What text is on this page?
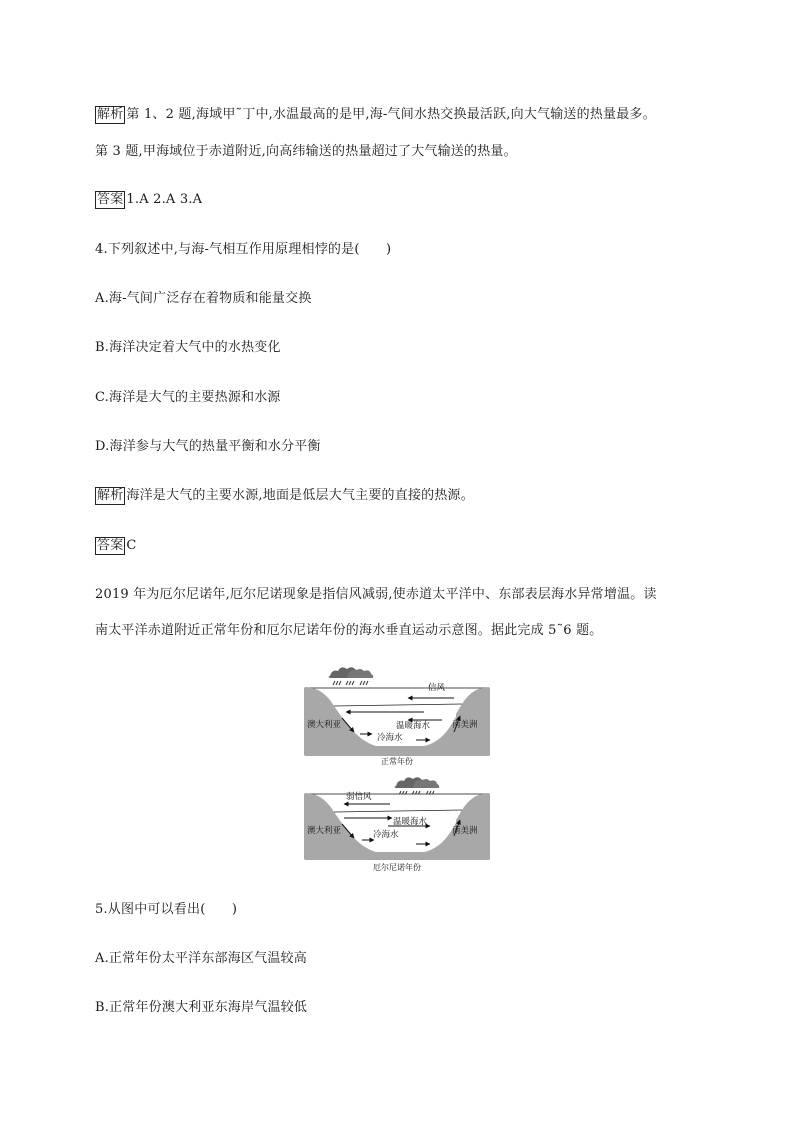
解析 第 1、2 题,海域甲˜丁中,水温最高的是甲,海-气间水热交换最活跃,向大气输送的热量最多。
第 3 题,甲海域位于赤道附近,向高纬输送的热量超过了大气输送的热量。
答案 1.A 2.A 3.A
4.下列叙述中,与海-气相互作用原理相悖的是(　　)
A.海-气间广泛存在着物质和能量交换
B.海洋决定着大气中的水热变化
C.海洋是大气的主要热源和水源
D.海洋参与大气的热量平衡和水分平衡
解析 海洋是大气的主要水源,地面是低层大气主要的直接的热源。
答案 C
2019 年为厄尔尼诺年,厄尔尼诺现象是指信风减弱,使赤道太平洋中、东部表层海水异常增温。读
南太平洋赤道附近正常年份和厄尔尼诺年份的海水垂直运动示意图。据此完成 5˜6 题。
信风
温暖海水
冷海水
澳大利亚	南美洲
正常年份
弱信风
温暖海水
冷海水
澳大利亚	南美洲
厄尔尼诺年份
5.从图中可以看出(　　)
A.正常年份太平洋东部海区气温较高
B.正常年份澳大利亚东海岸气温较低
